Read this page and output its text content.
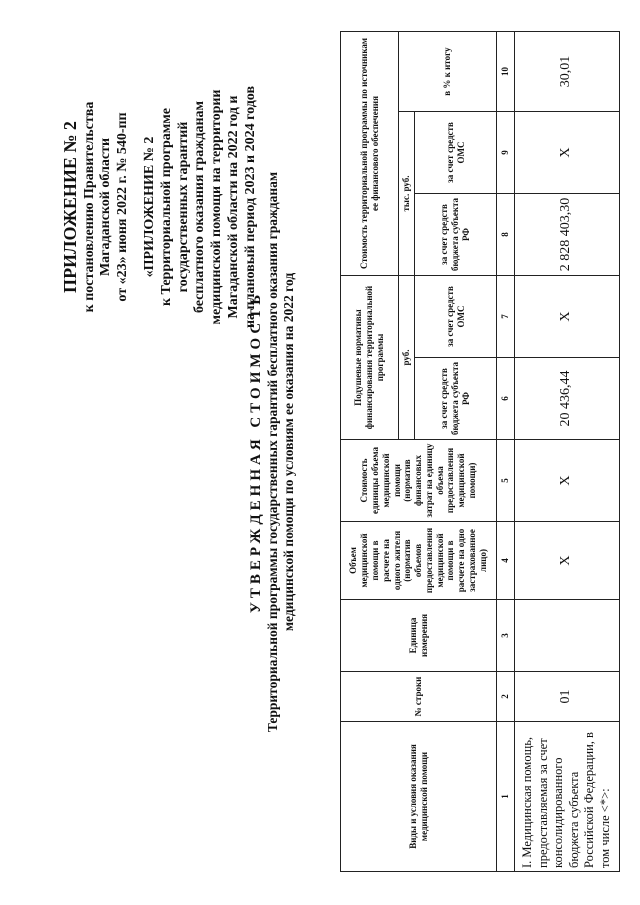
ПРИЛОЖЕНИЕ № 2 к постановлению Правительства Магаданской области от «23» июня 2022 г. № 540-пп «ПРИЛОЖЕНИЕ № 2 к Территориальной программе государственных гарантий бесплатного оказания гражданам медицинской помощи на территории Магаданской области на 2022 год и на плановый период 2023 и 2024 годов
УТВЕРЖДЕННАЯ СТОИМОСТЬ Территориальной программы государственных гарантий бесплатного оказания гражданам медицинской помощи по условиям ее оказания на 2022 год
Виды и условия оказания медицинской помощи	№ строки	Единица измерения	Объем медицинской помощи в расчете на одного жителя (норматив объемов предоставления медицинской помощи в расчете на одно застрахованное лицо)	Стоимость единицы объема медицинской помощи (норматив финансовых затрат на единицу объема предоставления медицинской помощи)	Подушевые нормативы финансирования территориальной программы		Стоимость территориальной программы по источникам ее финансового обеспечения		
					руб.		тыс. руб.		в % к итогу
					за счет средств бюджета субъекта РФ	за счет средств ОМС	за счет средств бюджета субъекта РФ	за счет средств ОМС	
1	2	3	4	5	6	7	8	9	10
I. Медицинская помощь, предоставляемая за счет консолидированного бюджета субъекта Российской Федерации, в том числе <*>:	01		Х	Х	20 436,44	Х	2 828 403,30	Х	30,01
